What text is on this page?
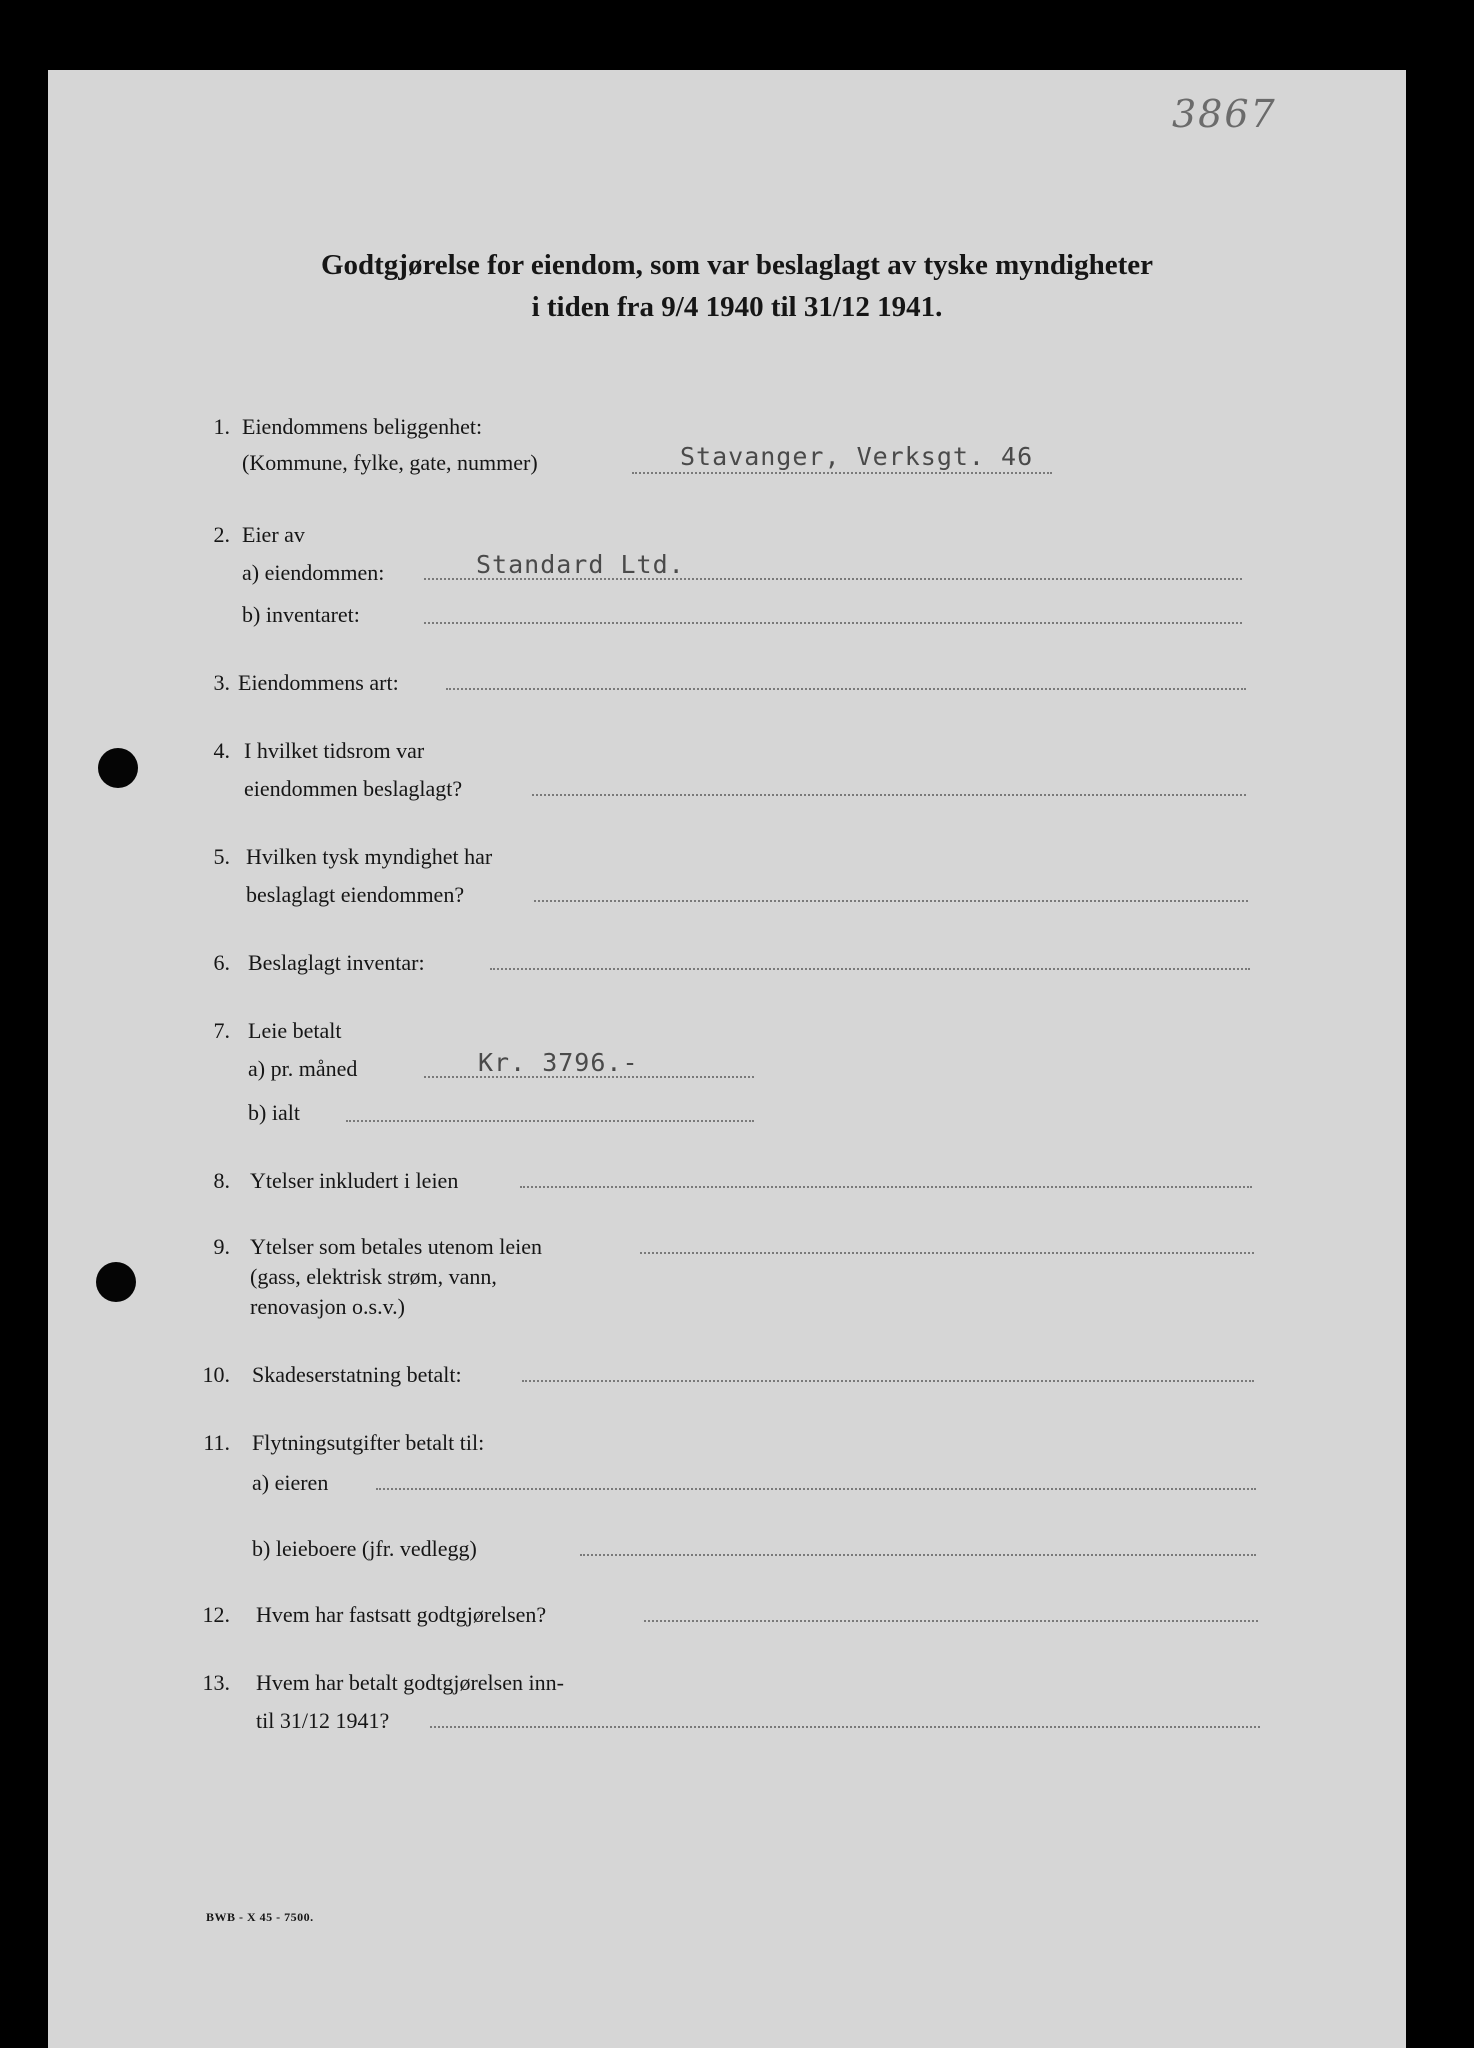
3867
Godtgjørelse for eiendom, som var beslaglagt av tyske myndigheter
i tiden fra 9/4 1940 til 31/12 1941.
1. Eiendommens beliggenhet:
(Kommune, fylke, gate, nummer)	Stavanger, Verksgt. 46
2. Eier av
a) eiendommen:	Standard Ltd.
b) inventaret:
3. Eiendommens art:
4. I hvilket tidsrom var
eiendommen beslaglagt?
5. Hvilken tysk myndighet har
beslaglagt eiendommen?
6. Beslaglagt inventar:
7. Leie betalt
a) pr. måned	Kr. 3796.-
b) ialt
8. Ytelser inkludert i leien
9. Ytelser som betales utenom leien
(gass, elektrisk strøm, vann,
renovasjon o.s.v.)
10. Skadeserstatning betalt:
11. Flytningsutgifter betalt til:
a) eieren
b) leieboere (jfr. vedlegg)
12. Hvem har fastsatt godtgjørelsen?
13. Hvem har betalt godtgjørelsen inn-
til 31/12 1941?
BWB - X 45 - 7500.
